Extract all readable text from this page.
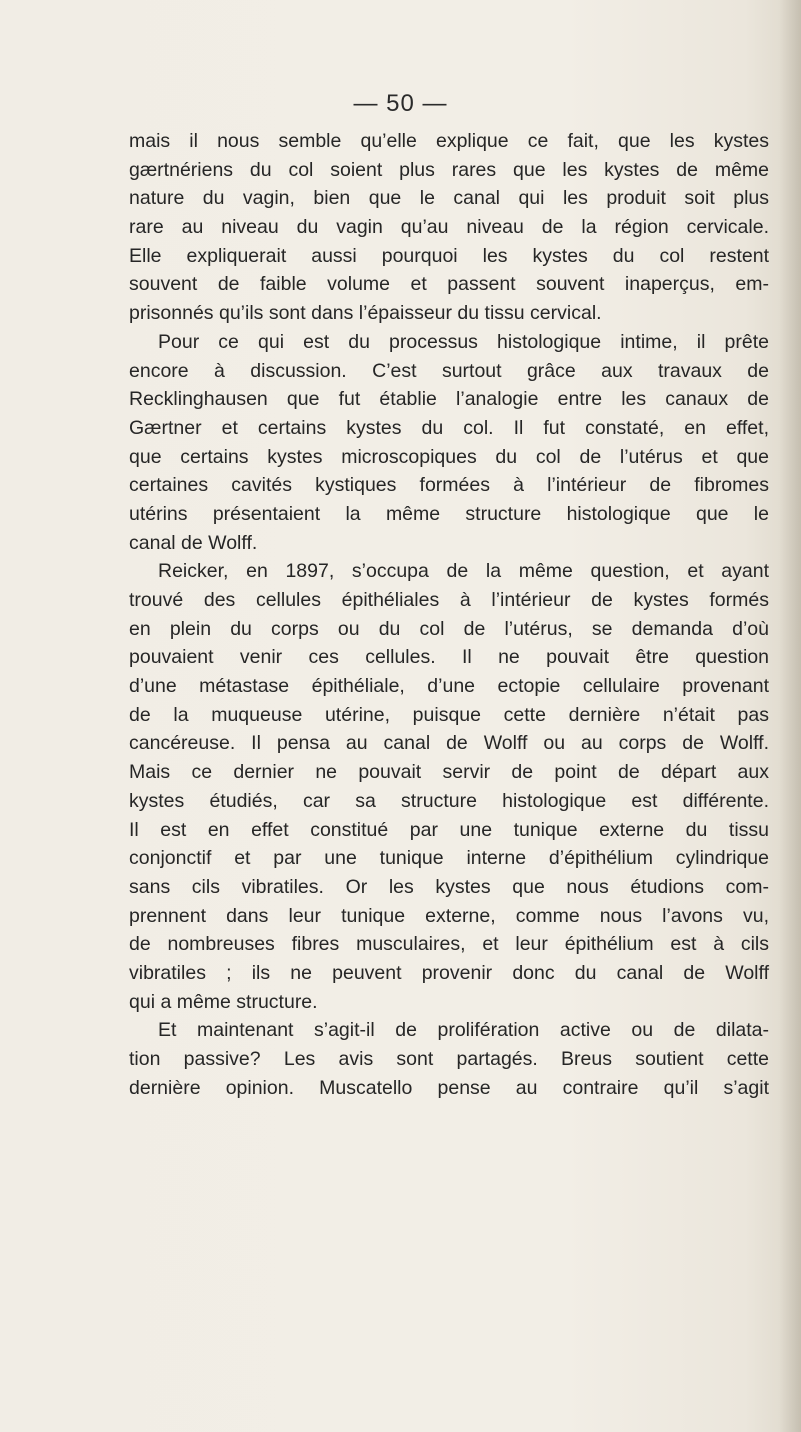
— 50 —
mais il nous semble qu’elle explique ce fait, que les kystes
gærtnériens du col soient plus rares que les kystes de même
nature du vagin, bien que le canal qui les produit soit plus
rare au niveau du vagin qu’au niveau de la région cervicale.
Elle expliquerait aussi pourquoi les kystes du col restent
souvent de faible volume et passent souvent inaperçus, em-
prisonnés qu’ils sont dans l’épaisseur du tissu cervical.
Pour ce qui est du processus histologique intime, il prête
encore à discussion. C’est surtout grâce aux travaux de
Recklinghausen que fut établie l’analogie entre les canaux de
Gærtner et certains kystes du col. Il fut constaté, en effet,
que certains kystes microscopiques du col de l’utérus et que
certaines cavités kystiques formées à l’intérieur de fibromes
utérins présentaient la même structure histologique que le
canal de Wolff.
Reicker, en 1897, s’occupa de la même question, et ayant
trouvé des cellules épithéliales à l’intérieur de kystes formés
en plein du corps ou du col de l’utérus, se demanda d’où
pouvaient venir ces cellules. Il ne pouvait être question
d’une métastase épithéliale, d’une ectopie cellulaire provenant
de la muqueuse utérine, puisque cette dernière n’était pas
cancéreuse. Il pensa au canal de Wolff ou au corps de Wolff.
Mais ce dernier ne pouvait servir de point de départ aux
kystes étudiés, car sa structure histologique est différente.
Il est en effet constitué par une tunique externe du tissu
conjonctif et par une tunique interne d’épithélium cylindrique
sans cils vibratiles. Or les kystes que nous étudions com-
prennent dans leur tunique externe, comme nous l’avons vu,
de nombreuses fibres musculaires, et leur épithélium est à cils
vibratiles ; ils ne peuvent provenir donc du canal de Wolff
qui a même structure.
Et maintenant s’agit-il de prolifération active ou de dilata-
tion passive? Les avis sont partagés. Breus soutient cette
dernière opinion. Muscatello pense au contraire qu’il s’agit
